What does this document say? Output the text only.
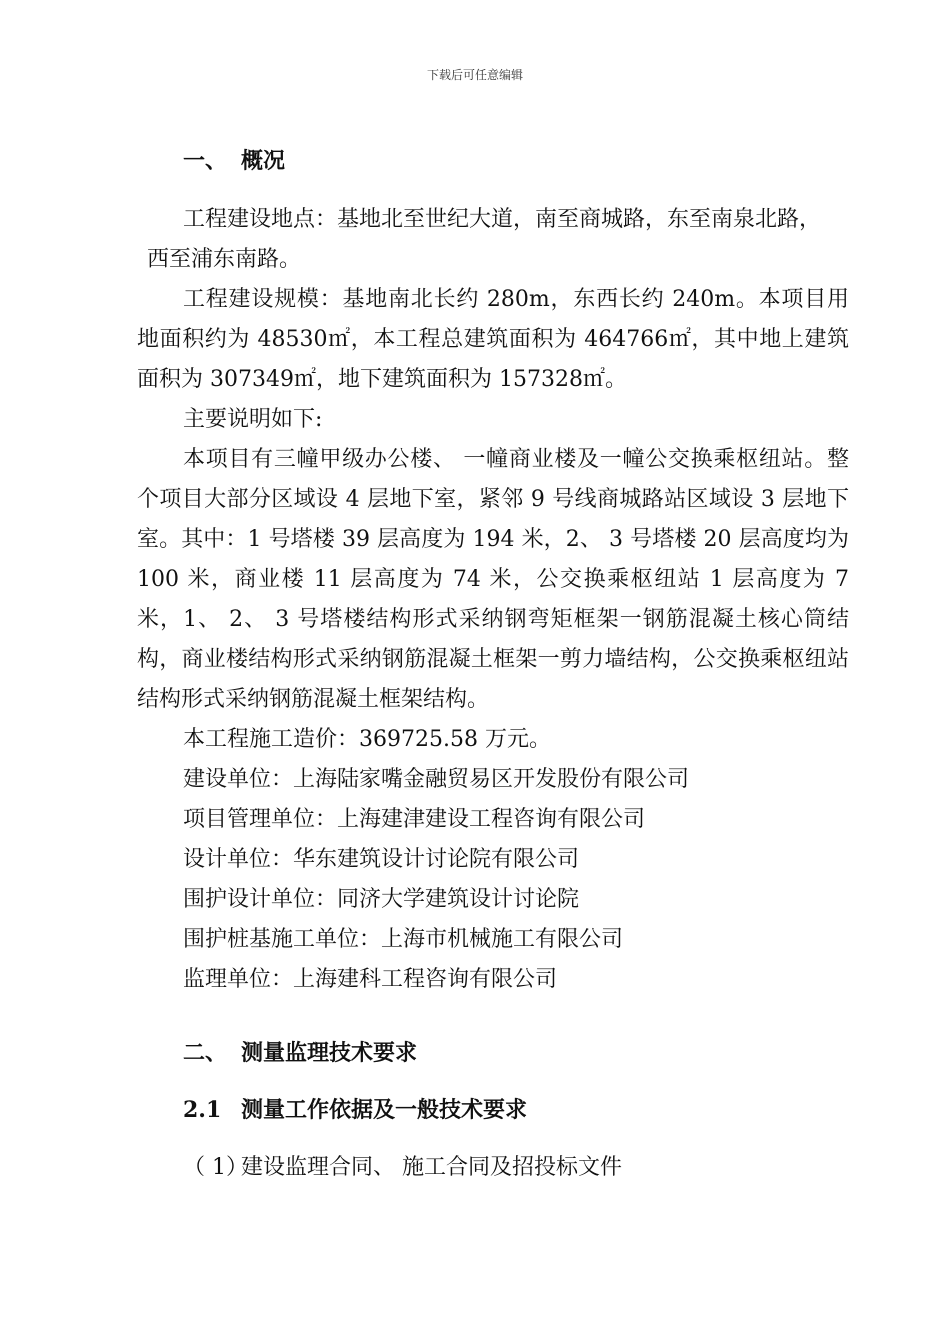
下载后可任意编辑
一、 概况

工程建设地点：基地北至世纪大道，南至商城路，东至南泉北路，

西至浦东南路。

工程建设规模：基地南北长约 280m，东西长约 240m。本项目用地面积约为 48530㎡，本工程总建筑面积为 464766㎡，其中地上建筑面积为 307349㎡，地下建筑面积为 157328㎡。

主要说明如下:

本项目有三幢甲级办公楼、 一幢商业楼及一幢公交换乘枢纽站。整个项目大部分区域设 4 层地下室，紧邻 9 号线商城路站区域设 3 层地下室。其中：1 号塔楼 39 层高度为 194 米，2、 3 号塔楼 20 层高度均为 100 米，商业楼 11 层高度为 74 米，公交换乘枢纽站 1 层高度为 7 米，1、 2、 3 号塔楼结构形式采纳钢弯矩框架一钢筋混凝土核心筒结构，商业楼结构形式采纳钢筋混凝土框架一剪力墙结构，公交换乘枢纽站结构形式采纳钢筋混凝土框架结构。

本工程施工造价：369725.58 万元。

建设单位：上海陆家嘴金融贸易区开发股份有限公司

项目管理单位：上海建津建设工程咨询有限公司

设计单位：华东建筑设计讨论院有限公司

围护设计单位：同济大学建筑设计讨论院

围护桩基施工单位：上海市机械施工有限公司

监理单位：上海建科工程咨询有限公司

二、 测量监理技术要求
2.1 测量工作依据及一般技术要求
（ 1）
建设监理合同、 施工合同及招投标文件
